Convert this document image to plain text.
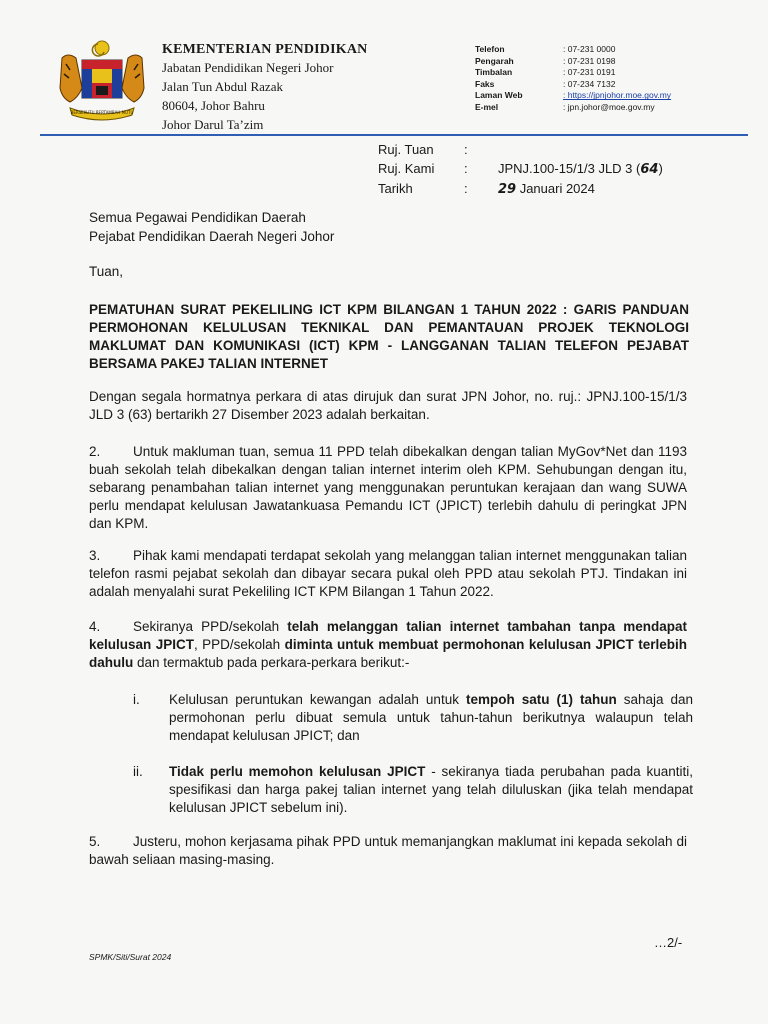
BERSEKUTU BERTAMBAH MUTU
KEMENTERIAN PENDIDIKAN
Jabatan Pendidikan Negeri Johor
Jalan Tun Abdul Razak
80604, Johor Bahru
Johor Darul Ta’zim
Telefon	: 07-231 0000
Pengarah	: 07-231 0198
Timbalan	: 07-231 0191
Faks	: 07-234 7132
Laman Web	: https://jpnjohor.moe.gov.my
E-mel	: jpn.johor@moe.gov.my
Ruj. Tuan	:
Ruj. Kami	:	JPNJ.100-15/1/3 JLD 3 (64)
Tarikh	:	29 Januari 2024
Semua Pegawai Pendidikan Daerah
Pejabat Pendidikan Daerah Negeri Johor
Tuan,
PEMATUHAN SURAT PEKELILING ICT KPM BILANGAN 1 TAHUN 2022 : GARIS PANDUAN PERMOHONAN KELULUSAN TEKNIKAL DAN PEMANTAUAN PROJEK TEKNOLOGI MAKLUMAT DAN KOMUNIKASI (ICT) KPM - LANGGANAN TALIAN TELEFON PEJABAT BERSAMA PAKEJ TALIAN INTERNET
Dengan segala hormatnya perkara di atas dirujuk dan surat JPN Johor, no. ruj.: JPNJ.100-15/1/3 JLD 3 (63) bertarikh 27 Disember 2023 adalah berkaitan.
2. Untuk makluman tuan, semua 11 PPD telah dibekalkan dengan talian MyGov*Net dan 1193 buah sekolah telah dibekalkan dengan talian internet interim oleh KPM. Sehubungan dengan itu, sebarang penambahan talian internet yang menggunakan peruntukan kerajaan dan wang SUWA perlu mendapat kelulusan Jawatankuasa Pemandu ICT (JPICT) terlebih dahulu di peringkat JPN dan KPM.
3. Pihak kami mendapati terdapat sekolah yang melanggan talian internet menggunakan talian telefon rasmi pejabat sekolah dan dibayar secara pukal oleh PPD atau sekolah PTJ. Tindakan ini adalah menyalahi surat Pekeliling ICT KPM Bilangan 1 Tahun 2022.
4. Sekiranya PPD/sekolah telah melanggan talian internet tambahan tanpa mendapat kelulusan JPICT, PPD/sekolah diminta untuk membuat permohonan kelulusan JPICT terlebih dahulu dan termaktub pada perkara-perkara berikut:-
i.	Kelulusan peruntukan kewangan adalah untuk tempoh satu (1) tahun sahaja dan permohonan perlu dibuat semula untuk tahun-tahun berikutnya walaupun telah mendapat kelulusan JPICT; dan
ii.	Tidak perlu memohon kelulusan JPICT - sekiranya tiada perubahan pada kuantiti, spesifikasi dan harga pakej talian internet yang telah diluluskan (jika telah mendapat kelulusan JPICT sebelum ini).
5. Justeru, mohon kerjasama pihak PPD untuk memanjangkan maklumat ini kepada sekolah di bawah seliaan masing-masing.
…2/-
SPMK/Siti/Surat 2024
